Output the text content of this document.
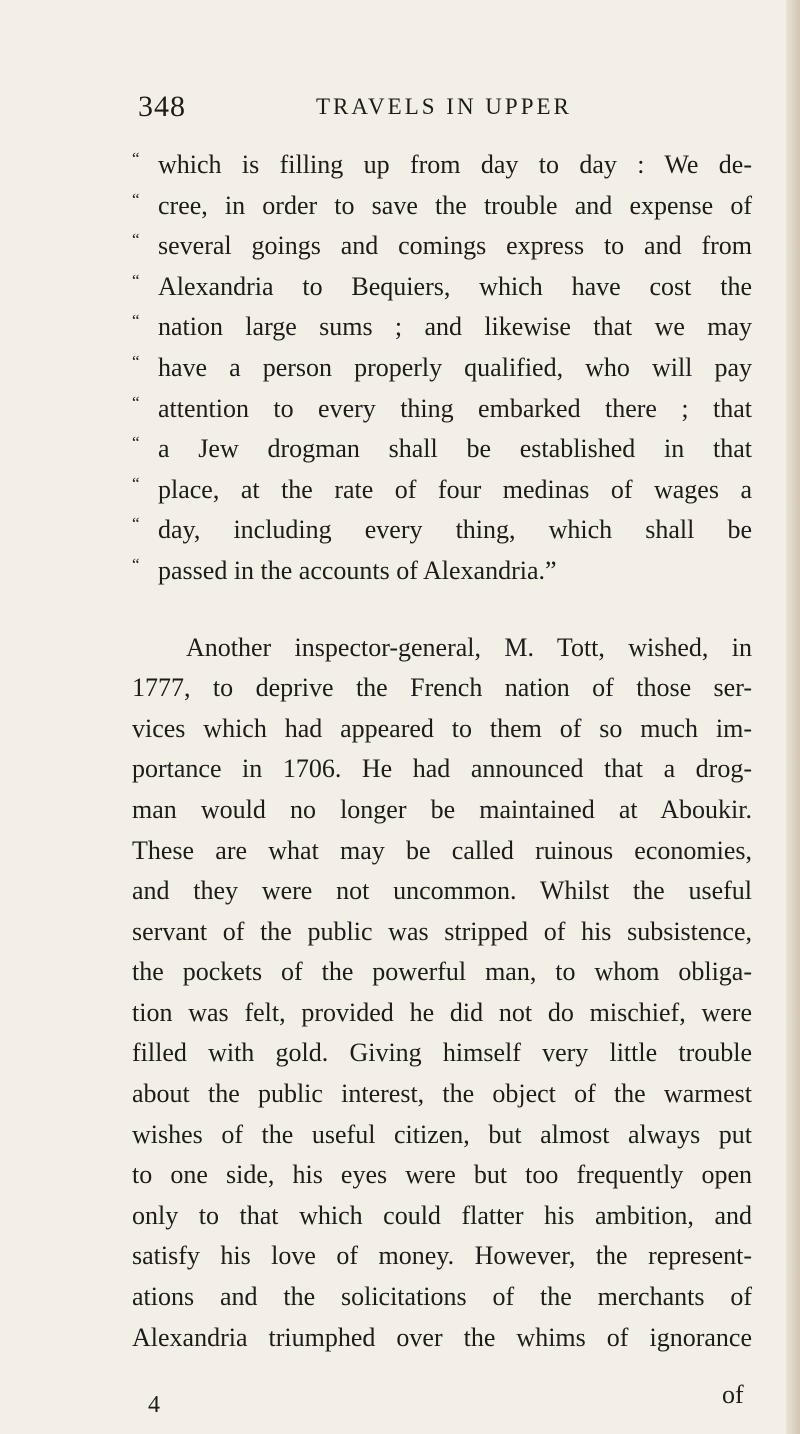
348	TRAVELS IN UPPER
“ which is filling up from day to day : We de-
“ cree, in order to save the trouble and expense of
“ several goings and comings express to and from
“ Alexandria to Bequiers, which have cost the
“ nation large sums ; and likewise that we may
“ have a person properly qualified, who will pay
“ attention to every thing embarked there ; that
“ a Jew drogman shall be established in that
“ place, at the rate of four medinas of wages a
“ day, including every thing, which shall be
“ passed in the accounts of Alexandria.”
Another inspector-general, M. Tott, wished, in
1777, to deprive the French nation of those ser-
vices which had appeared to them of so much im-
portance in 1706. He had announced that a drog-
man would no longer be maintained at Aboukir.
These are what may be called ruinous economies,
and they were not uncommon. Whilst the useful
servant of the public was stripped of his subsistence,
the pockets of the powerful man, to whom obliga-
tion was felt, provided he did not do mischief, were
filled with gold. Giving himself very little trouble
about the public interest, the object of the warmest
wishes of the useful citizen, but almost always put
to one side, his eyes were but too frequently open
only to that which could flatter his ambition, and
satisfy his love of money. However, the represent-
ations and the solicitations of the merchants of
Alexandria triumphed over the whims of ignorance
4	of
